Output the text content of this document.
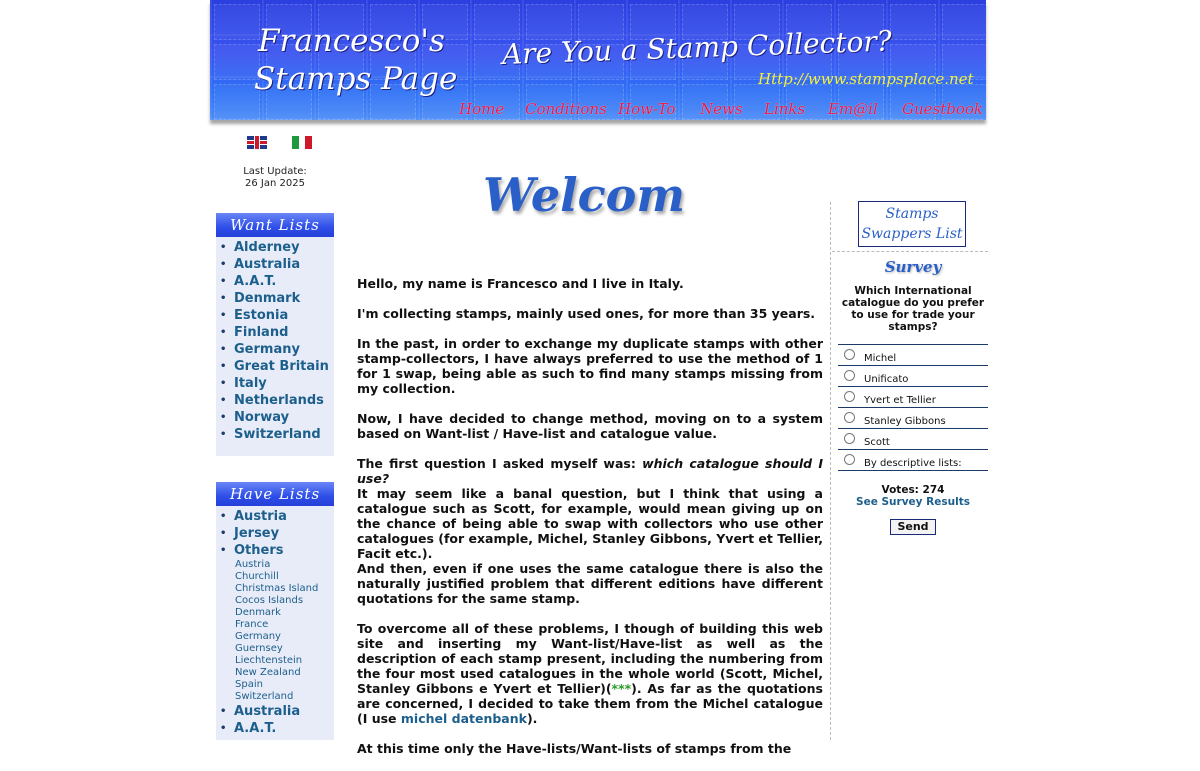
Francesco's
Stamps Page
Are You a Stamp Collector?
Http://www.stampsplace.net
Home Conditions How-To News Links Em@il Guestbook
Last Update:
26 Jan 2025
Want Lists
• Alderney
• Australia
• A.A.T.
• Denmark
• Estonia
• Finland
• Germany
• Great Britain
• Italy
• Netherlands
• Norway
• Switzerland
Have Lists
• Austria
• Jersey
• Others
Austria
Churchill
Christmas Island
Cocos Islands
Denmark
France
Germany
Guernsey
Liechtenstein
New Zealand
Spain
Switzerland
• Australia
• A.A.T.
Welcom

Hello, my name is Francesco and I live in Italy.

I'm collecting stamps, mainly used ones, for more than 35 years.

In the past, in order to exchange my duplicate stamps with other stamp-collectors, I have always preferred to use the method of 1 for 1 swap, being able as such to find many stamps missing from my collection.

Now, I have decided to change method, moving on to a system based on Want-list / Have-list and catalogue value.

The first question I asked myself was: which catalogue should I use?
It may seem like a banal question, but I think that using a catalogue such as Scott, for example, would mean giving up on the chance of being able to swap with collectors who use other catalogues (for example, Michel, Stanley Gibbons, Yvert et Tellier, Facit etc.).
And then, even if one uses the same catalogue there is also the naturally justified problem that different editions have different quotations for the same stamp.

To overcome all of these problems, I though of building this web site and inserting my Want-list/Have-list as well as the description of each stamp present, including the numbering from the four most used catalogues in the whole world (Scott, Michel, Stanley Gibbons e Yvert et Tellier)(***). As far as the quotations are concerned, I decided to take them from the Michel catalogue (I use michel datenbank).

At this time only the Have-lists/Want-lists of stamps from the

Stamps
Swappers List
Survey
Which International catalogue do you prefer to use for trade your stamps?
Michel
Unificato
Yvert et Tellier
Stanley Gibbons
Scott
By descriptive lists:
Votes: 274
See Survey Results
Send
